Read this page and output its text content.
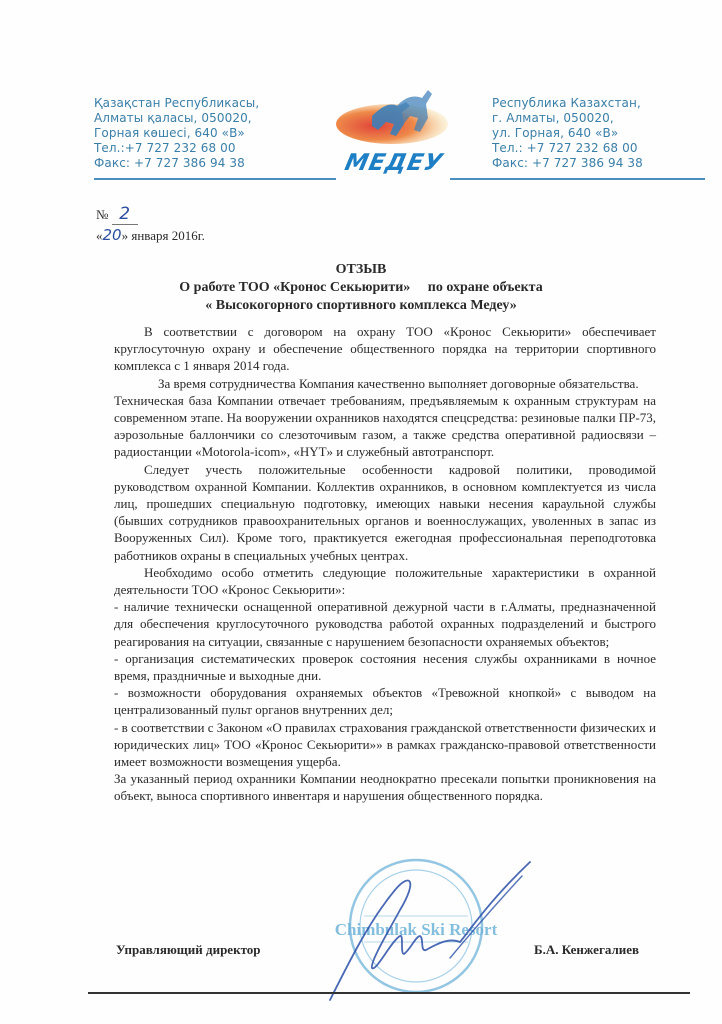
Қазақстан Республикасы,
Алматы қаласы, 050020,
Горная көшесі, 640 «В»
Тел.:+7 727 232 68 00
Факс: +7 727 386 94 38	МЕДЕУ
Республика Казахстан,
г. Алматы, 050020,
ул. Горная, 640 «В»
Тел.: +7 727 232 68 00
Факс: +7 727 386 94 38
№ 2
«20» января 2016г.
ОТЗЫВ
О работе ТОО «Кронос Секьюрити»     по охране объекта
« Высокогорного спортивного комплекса Медеу»

В соответствии с договором на охрану ТОО «Кронос Секьюрити» обеспечивает круглосуточную охрану и обеспечение общественного порядка на территории спортивного комплекса с 1 января 2014 года.

За время сотрудничества Компания качественно выполняет договорные обязательства.

Техническая база Компании отвечает требованиям, предъявляемым к охранным структурам на современном этапе. На вооружении охранников находятся спецсредства: резиновые палки ПР-73, аэрозольные баллончики со слезоточивым газом, а также средства оперативной радиосвязи – радиостанции «Motorola-icom», «HYT» и служебный автотранспорт.

Следует учесть положительные особенности кадровой политики, проводимой руководством охранной Компании. Коллектив охранников, в основном комплектуется из числа лиц, прошедших специальную подготовку, имеющих навыки несения караульной службы (бывших сотрудников правоохранительных органов и военнослужащих, уволенных в запас из Вооруженных Сил). Кроме того, практикуется ежегодная профессиональная переподготовка работников охраны в специальных учебных центрах.

Необходимо особо отметить следующие положительные характеристики в охранной деятельности ТОО «Кронос Секьюрити»:

- наличие технически оснащенной оперативной дежурной части в г.Алматы, предназначенной для обеспечения круглосуточного руководства работой охранных подразделений и быстрого реагирования на ситуации, связанные с нарушением безопасности охраняемых объектов;

- организация систематических проверок состояния несения службы охранниками в ночное время, праздничные и выходные дни.

- возможности оборудования охраняемых объектов «Тревожной кнопкой» с выводом на централизованный пульт органов внутренних дел;

- в соответствии с Законом «О правилах страхования гражданской ответственности физических и юридических лиц» ТОО «Кронос Секьюрити»» в рамках гражданско-правовой ответственности имеет возможности возмещения ущерба.

За указанный период охранники Компании неоднократно пресекали попытки проникновения на объект, выноса спортивного инвентаря и нарушения общественного порядка.

Chimbulak Ski Resort
Управляющий директор	Б.А. Кенжегалиев
